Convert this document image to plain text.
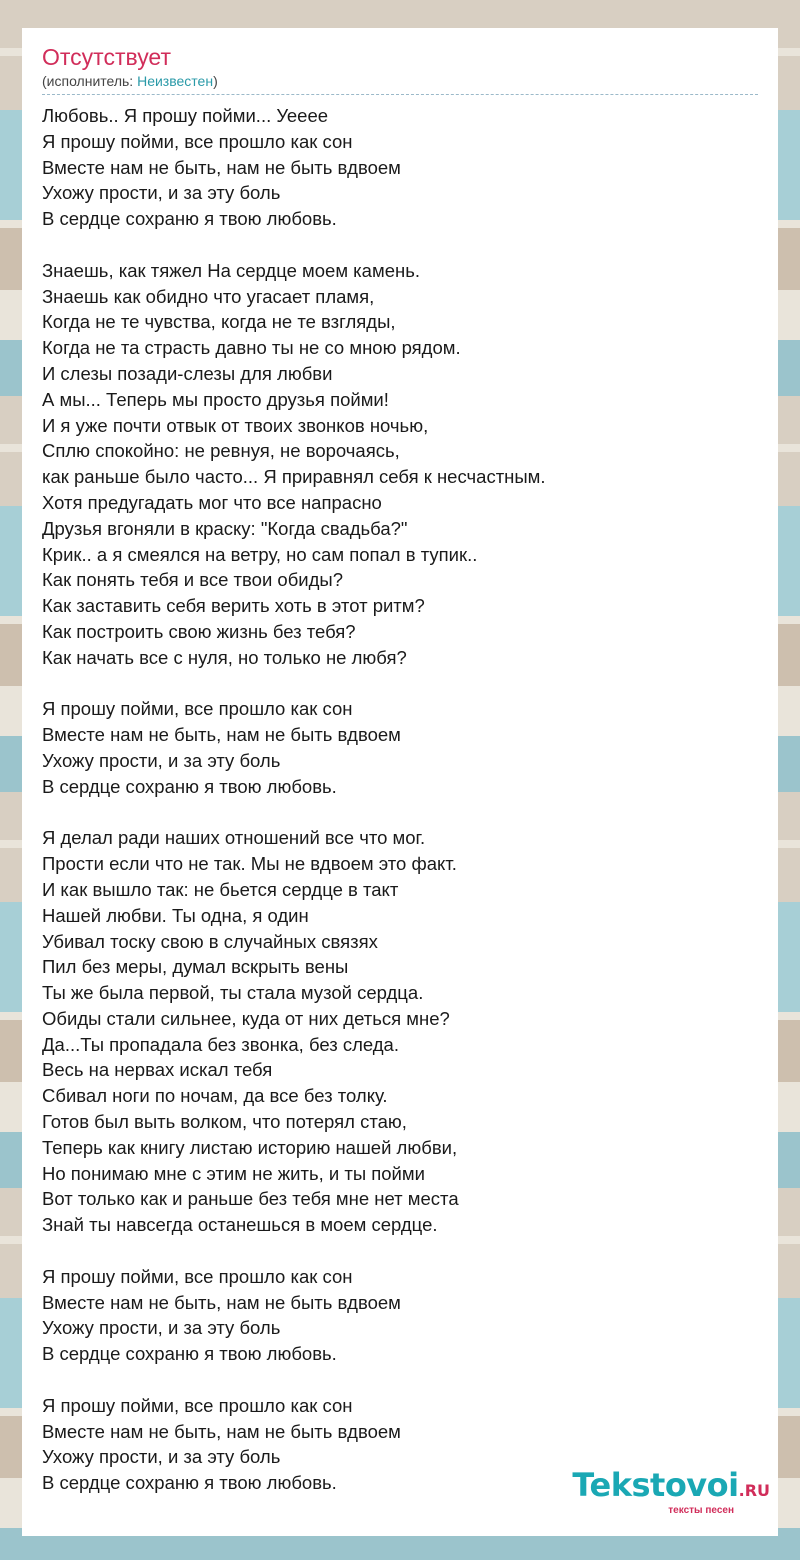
Отсутствует
(исполнитель: Неизвестен)
Любовь.. Я прошу пойми... Уееее
Я прошу пойми, все прошло как сон
Вместе нам не быть, нам не быть вдвоем
Ухожу прости, и за эту боль
В сердце сохраню я твою любовь.
Знаешь, как тяжел На сердце моем камень.
Знаешь как обидно что угасает пламя,
Когда не те чувства, когда не те взгляды,
Когда не та страсть давно ты не со мною рядом.
И слезы позади-слезы для любви
А мы... Теперь мы просто друзья пойми!
И я уже почти отвык от твоих звонков ночью,
Сплю спокойно: не ревнуя, не ворочаясь,
как раньше было часто... Я приравнял себя к несчастным.
Хотя предугадать мог что все напрасно
Друзья вгоняли в краску: "Когда свадьба?"
Крик.. а я смеялся на ветру, но сам попал в тупик..
Как понять тебя и все твои обиды?
Как заставить себя верить хоть в этот ритм?
Как построить свою жизнь без тебя?
Как начать все с нуля, но только не любя?
Я прошу пойми, все прошло как сон
Вместе нам не быть, нам не быть вдвоем
Ухожу прости, и за эту боль
В сердце сохраню я твою любовь.
Я делал ради наших отношений все что мог.
Прости если что не так. Мы не вдвоем это факт.
И как вышло так: не бьется сердце в такт
Нашей любви. Ты одна, я один
Убивал тоску свою в случайных связях
Пил без меры, думал вскрыть вены
Ты же была первой, ты стала музой сердца.
Обиды стали сильнее, куда от них деться мне?
Да...Ты пропадала без звонка, без следа.
Весь на нервах искал тебя
Сбивал ноги по ночам, да все без толку.
Готов был выть волком, что потерял стаю,
Теперь как книгу листаю историю нашей любви,
Но понимаю мне с этим не жить, и ты пойми
Вот только как и раньше без тебя мне нет места
Знай ты навсегда останешься в моем сердце.
Я прошу пойми, все прошло как сон
Вместе нам не быть, нам не быть вдвоем
Ухожу прости, и за эту боль
В сердце сохраню я твою любовь.
Я прошу пойми, все прошло как сон
Вместе нам не быть, нам не быть вдвоем
Ухожу прости, и за эту боль
В сердце сохраню я твою любовь.	Tekstovoi.RU
тексты песен
